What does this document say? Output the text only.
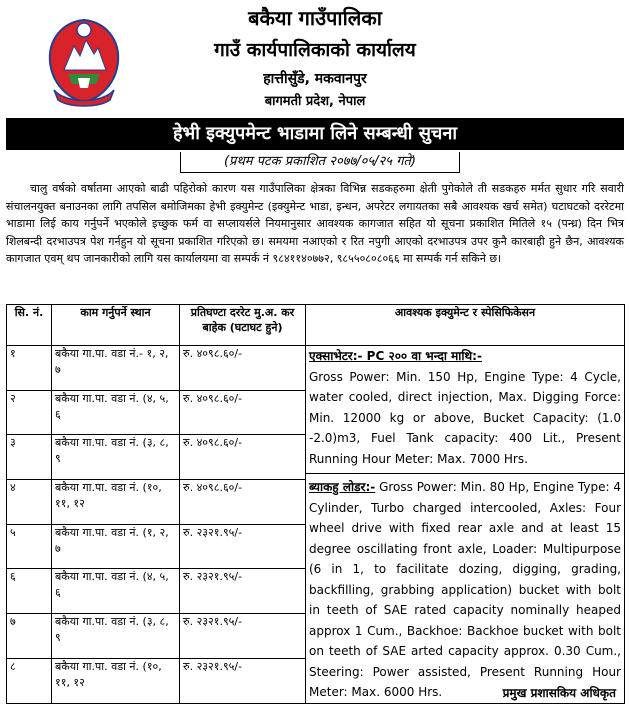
बकैया गाउँपालिका
गाउँ कार्यपालिकाको कार्यालय
हात्तीसुँडे, मकवानपुर
बागमती प्रदेश, नेपाल
हेभी इक्युपमेन्ट भाडामा लिने सम्बन्धी सुचना
(प्रथम पटक प्रकाशित २०७७/०५/२५ गते)

चालु वर्षको वर्षातमा आएको बाढी पहिरोको कारण यस गाउँपालिका क्षेत्रका विभिन्न सडकहरुमा क्षेती पुगेकोले ती सडकहरु मर्मत सुधार गरि सवारी संचालनयुक्त बनाउनका लागि तपसिल बमोजिमका हेभी इक्युमेन्ट (इक्युमेन्ट भाडा, इन्धन, अपरेटर लगायतका सबै आवश्यक खर्च समेत) घटाघटको दररेटमा भाडामा लिई काय गर्नुपर्ने भएकोले इच्छुक फर्म वा सप्लायर्सले नियमानुसार आवश्यक कागजात सहित यो सूचना प्रकाशित मितिले १५ (पन्ध्र) दिन भित्र शिलबन्दी दरभाउपत्र पेश गर्नहुन यो सूचना प्रकाशित गरिएको छ। समयमा नआएको र रित नपुगी आएको दरभाउपत्र उपर कुनै कारबाही हुने छैन, आवश्यक कागजात एवम् थप जानकारीको लागि यस कार्यालयमा वा सम्पर्क नं ९८४११४०७७२, ९८५५०८०८०६६ मा सम्पर्क गर्न सकिने छ।

सि. नं.	काम गर्नुपर्ने स्थान	प्रतिघण्टा दररेट मु.अ. कर बाहेक (घटाघट हुने)	आवश्यक इक्युमेन्ट र स्पेसिफिकेसन
१	बकैया गा.पा. वडा नं.- १, २, ७	रु. ४०९८.६०/-	एक्साभेटर:- PC २०० वा भन्दा माथि:-
Gross Power: Min. 150 Hp, Engine Type: 4 Cycle, water cooled, direct injection, Max. Digging Force: Min. 12000 kg or above, Bucket Capacity: (1.0 -2.0)m3, Fuel Tank capacity: 400 Lit., Present Running Hour Meter: Max. 7000 Hrs.
ब्याकहु लोडर:- Gross Power: Min. 80 Hp, Engine Type: 4 Cylinder, Turbo charged intercooled, Axles: Four wheel drive with fixed rear axle and at least 15 degree oscillating front axle, Loader: Multipurpose (6 in 1, to facilitate dozing, digging, grading, backfilling, grabbing application) bucket with bolt in teeth of SAE rated capacity nominally heaped approx 1 Cum., Backhoe: Backhoe bucket with bolt on teeth of SAE arted capacity approx. 0.30 Cum., Steering: Power assisted, Present Running Hour Meter: Max. 6000 Hrs.

२	बकैया गा.पा. वडा नं. (४, ५, ६	रु. ४०९८.६०/-	
३	बकैया गा.पा. वडा नं. (३, ८, ९	रु. ४०९८.६०/-	
४	बकैया गा.पा. वडा नं. (१०, ११, १२	रु. ४०९८.६०/-	
५	बकैया गा.पा. वडा नं. (१, २, ७	रु. २३२१.९५/-	
६	बकैया गा.पा. वडा नं. (४, ५, ६	रु. २३२१.९५/-	
७	बकैया गा.पा. वडा नं. (३, ८, ९	रु. २३२१.९५/-	
८	बकैया गा.पा. वडा नं. (१०, ११, १२	रु. २३२१.९५/-	
प्रमुख प्रशासकिय अधिकृत
